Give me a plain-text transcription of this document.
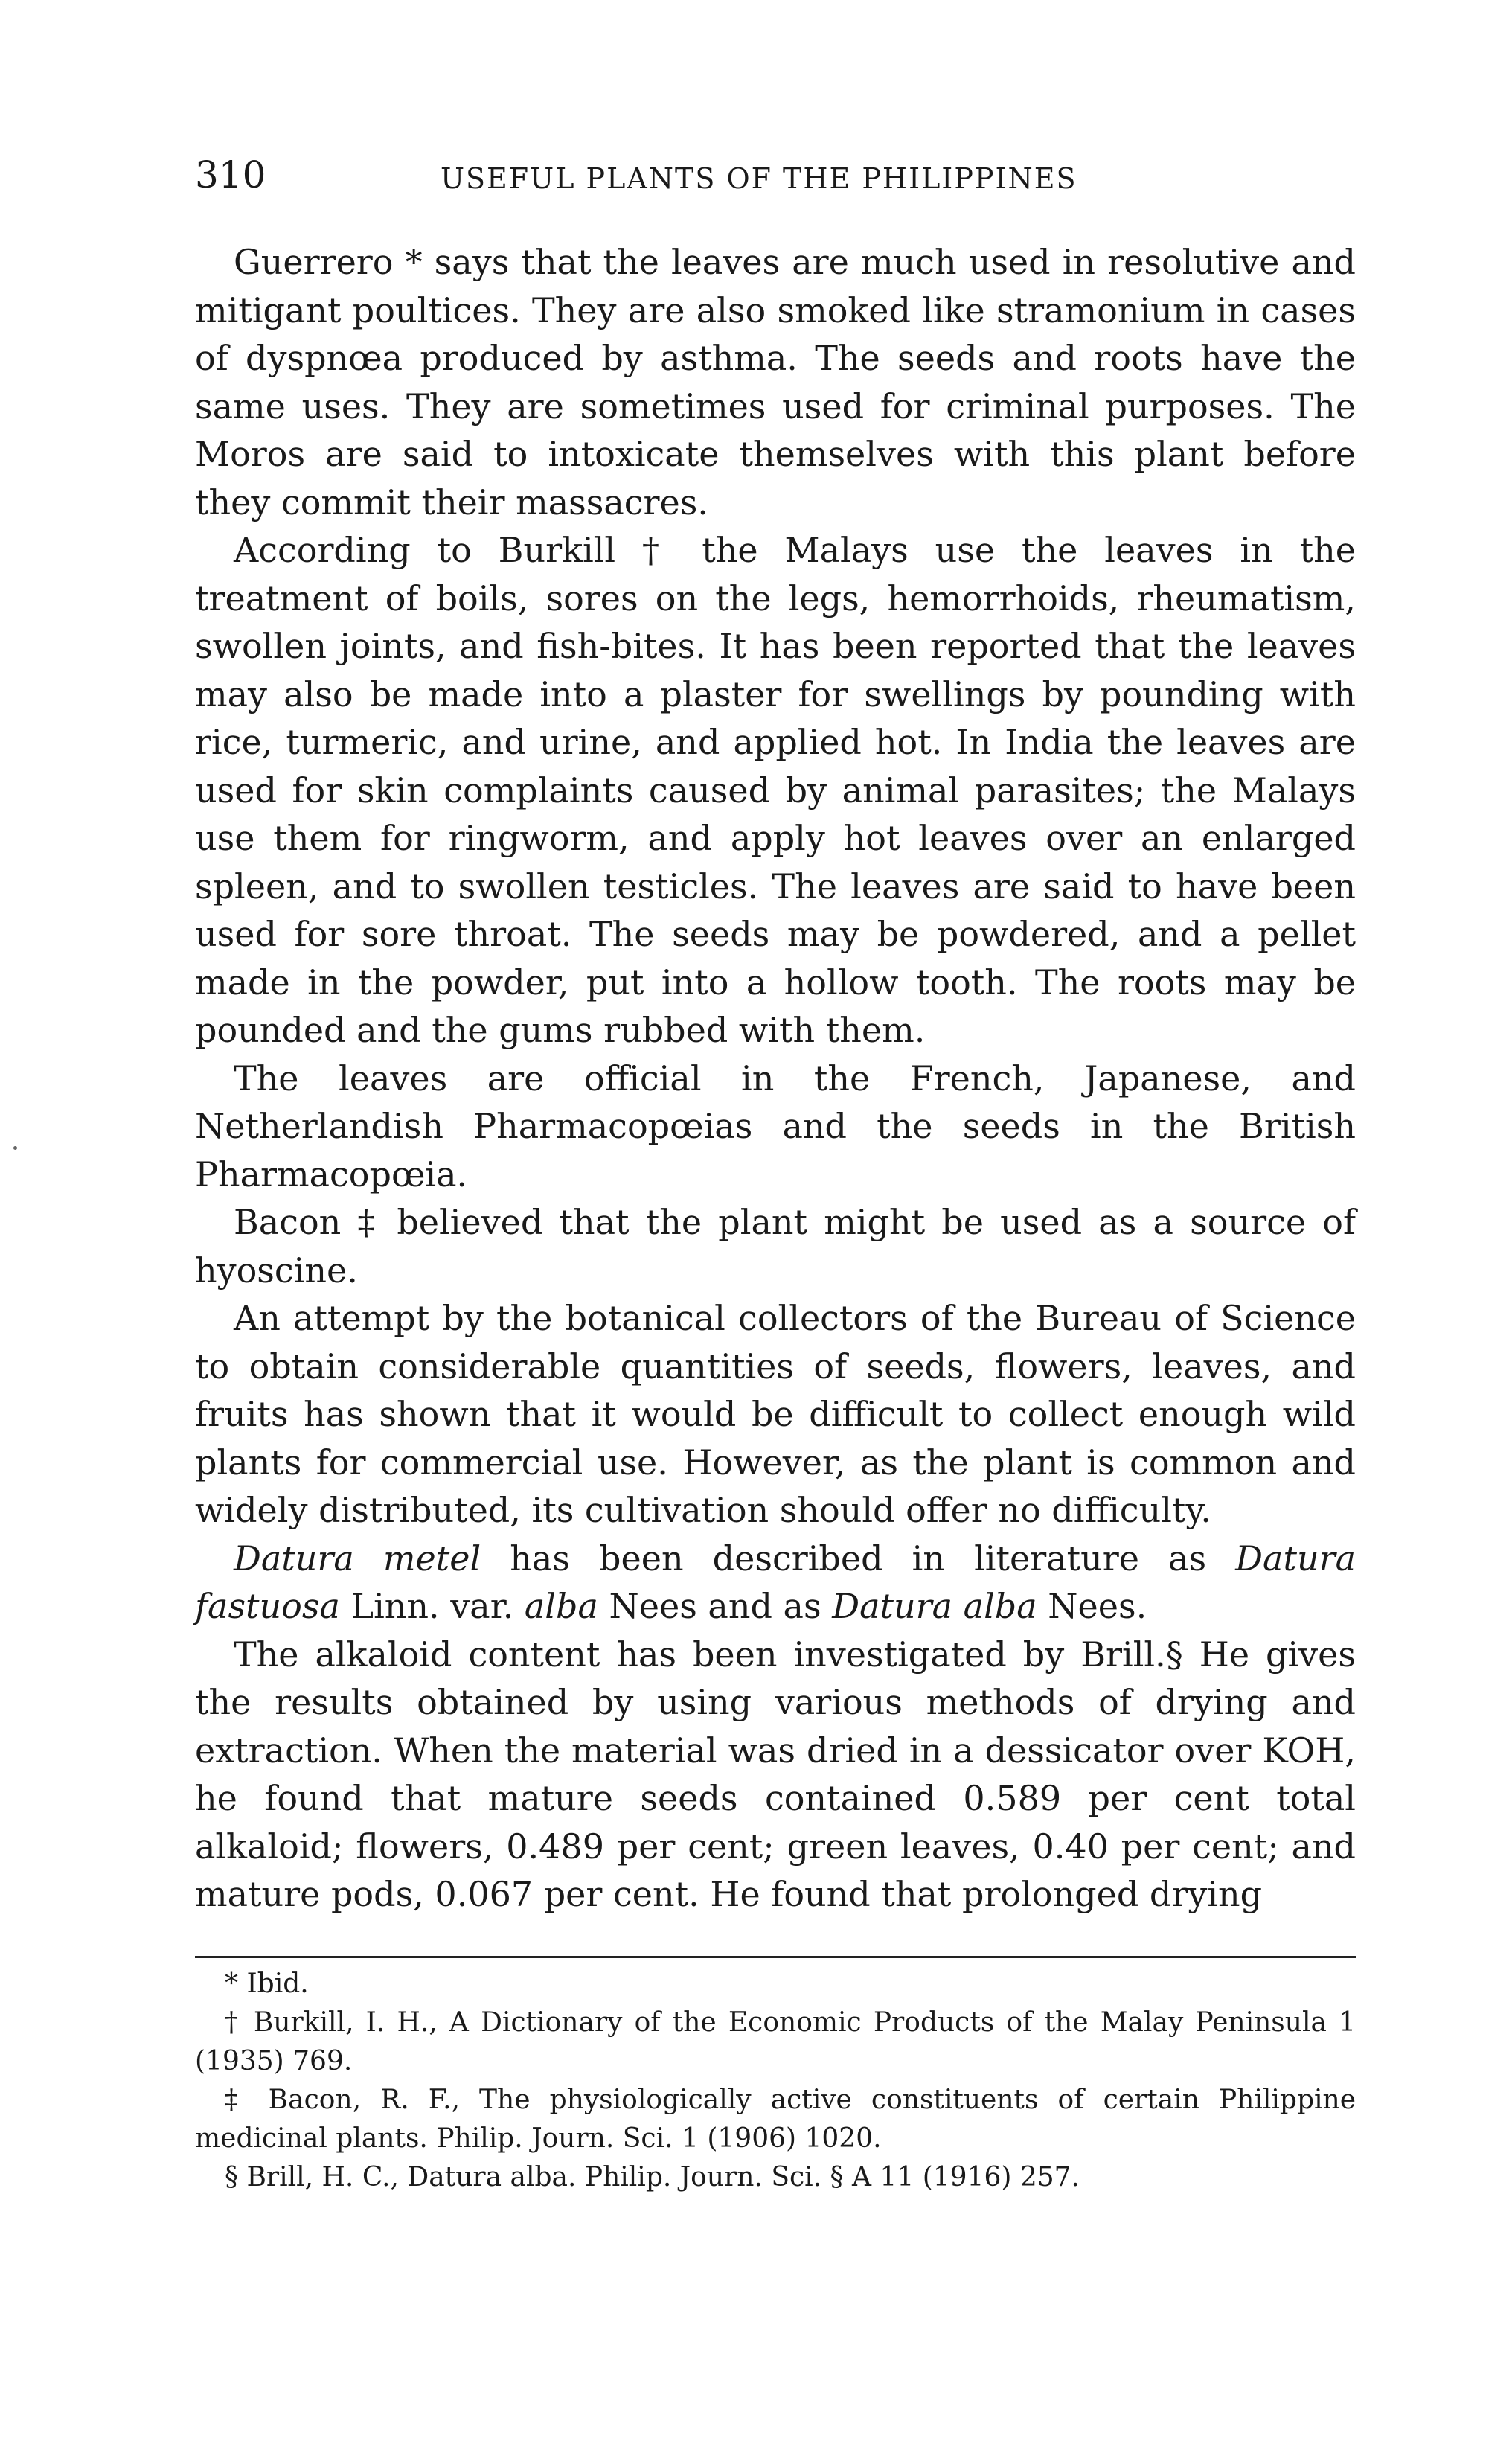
310	USEFUL PLANTS OF THE PHILIPPINES

Guerrero * says that the leaves are much used in resolutive and mitigant poultices. They are also smoked like stramonium in cases of dyspnœa produced by asthma. The seeds and roots have the same uses. They are sometimes used for criminal purposes. The Moros are said to intoxicate themselves with this plant before they commit their massacres.

According to Burkill † the Malays use the leaves in the treatment of boils, sores on the legs, hemorrhoids, rheumatism, swollen joints, and fish-bites. It has been reported that the leaves may also be made into a plaster for swellings by pounding with rice, turmeric, and urine, and applied hot. In India the leaves are used for skin complaints caused by animal parasites; the Malays use them for ringworm, and apply hot leaves over an enlarged spleen, and to swollen testicles. The leaves are said to have been used for sore throat. The seeds may be powdered, and a pellet made in the powder, put into a hollow tooth. The roots may be pounded and the gums rubbed with them.

The leaves are official in the French, Japanese, and Netherlandish Pharmacopœias and the seeds in the British Pharmacopœia.

Bacon ‡ believed that the plant might be used as a source of hyoscine.

An attempt by the botanical collectors of the Bureau of Science to obtain considerable quantities of seeds, flowers, leaves, and fruits has shown that it would be difficult to collect enough wild plants for commercial use. However, as the plant is common and widely distributed, its cultivation should offer no difficulty.

Datura metel has been described in literature as Datura fastuosa Linn. var. alba Nees and as Datura alba Nees.

The alkaloid content has been investigated by Brill.§ He gives the results obtained by using various methods of drying and extraction. When the material was dried in a dessicator over KOH, he found that mature seeds contained 0.589 per cent total alkaloid; flowers, 0.489 per cent; green leaves, 0.40 per cent; and mature pods, 0.067 per cent. He found that prolonged drying

* Ibid.

† Burkill, I. H., A Dictionary of the Economic Products of the Malay Peninsula 1 (1935) 769.

‡ Bacon, R. F., The physiologically active constituents of certain Philippine medicinal plants. Philip. Journ. Sci. 1 (1906) 1020.

§ Brill, H. C., Datura alba. Philip. Journ. Sci. § A 11 (1916) 257.
